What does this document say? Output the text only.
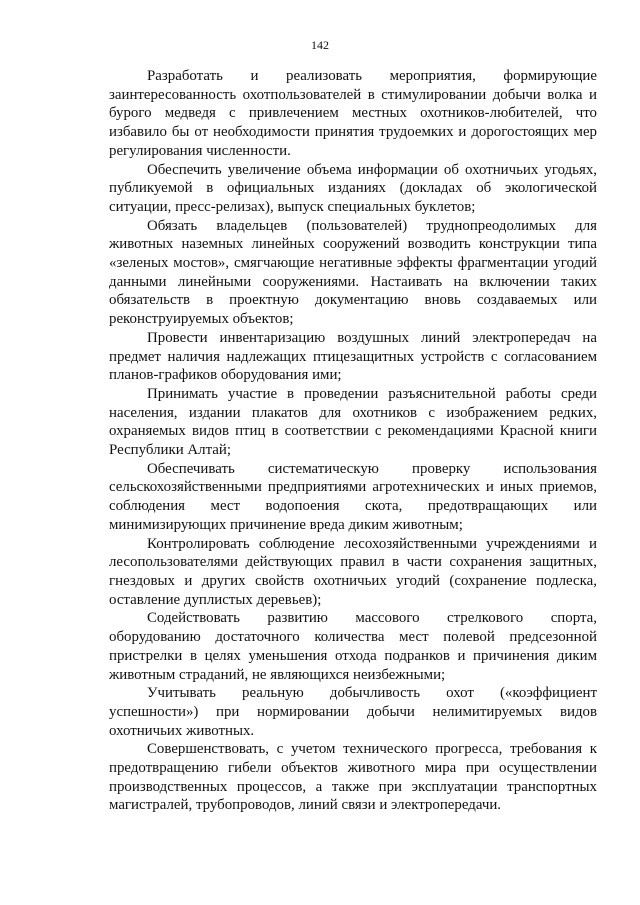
142

Разработать и реализовать мероприятия, формирующие заинтересованность охотпользователей в стимулировании добычи волка и бурого медведя с привлечением местных охотников-любителей, что избавило бы от необходимости принятия трудоемких и дорогостоящих мер регулирования численности.

Обеспечить увеличение объема информации об охотничьих угодьях, публикуемой в официальных изданиях (докладах об экологической ситуации, пресс-релизах), выпуск специальных буклетов;

Обязать владельцев (пользователей) труднопреодолимых для животных наземных линейных сооружений возводить конструкции типа «зеленых мостов», смягчающие негативные эффекты фрагментации угодий данными линейными сооружениями. Настаивать на включении таких обязательств в проектную документацию вновь создаваемых или реконструируемых объектов;

Провести инвентаризацию воздушных линий электропередач на предмет наличия надлежащих птицезащитных устройств с согласованием планов-графиков оборудования ими;

Принимать участие в проведении разъяснительной работы среди населения, издании плакатов для охотников с изображением редких, охраняемых видов птиц в соответствии с рекомендациями Красной книги Республики Алтай;

Обеспечивать систематическую проверку использования сельскохозяйственными предприятиями агротехнических и иных приемов, соблюдения мест водопоения скота, предотвращающих или минимизирующих причинение вреда диким животным;

Контролировать соблюдение лесохозяйственными учреждениями и лесопользователями действующих правил в части сохранения защитных, гнездовых и других свойств охотничьих угодий (сохранение подлеска, оставление дуплистых деревьев);

Содействовать развитию массового стрелкового спорта, оборудованию достаточного количества мест полевой предсезонной пристрелки в целях уменьшения отхода подранков и причинения диким животным страданий, не являющихся неизбежными;

Учитывать реальную добычливость охот («коэффициент успешности») при нормировании добычи нелимитируемых видов охотничьих животных.

Совершенствовать, с учетом технического прогресса, требования к предотвращению гибели объектов животного мира при осуществлении производственных процессов, а также при эксплуатации транспортных магистралей, трубопроводов, линий связи и электропередачи.
